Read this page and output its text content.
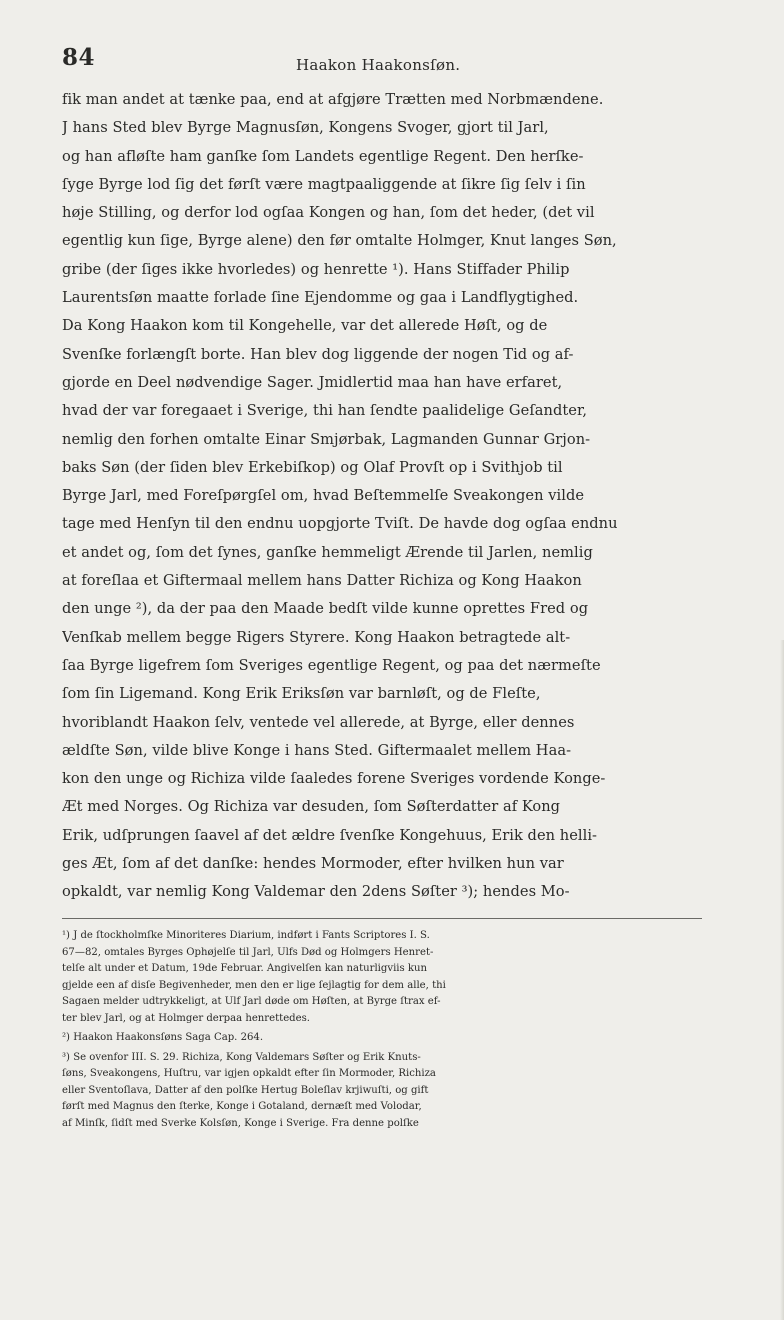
84	Haakon Haakonsſøn.
fik man andet at tænke paa, end at afgjøre Trætten med Norbmændene.
J hans Sted blev Byrge Magnusſøn, Kongens Svoger, gjort til Jarl,
og han afløſte ham ganſke ſom Landets egentlige Regent. Den herſke-
ſyge Byrge lod ſig det førſt være magtpaaliggende at ſikre ſig ſelv i ſin
høje Stilling, og derfor lod ogſaa Kongen og han, ſom det heder, (det vil
egentlig kun ſige, Byrge alene) den før omtalte Holmger, Knut langes Søn,
gribe (der ſiges ikke hvorledes) og henrette ¹). Hans Stiffader Philip
Laurentsſøn maatte forlade ſine Ejendomme og gaa i Landflygtighed.
Da Kong Haakon kom til Kongehelle, var det allerede Høſt, og de
Svenſke forlængſt borte. Han blev dog liggende der nogen Tid og af-
gjorde en Deel nødvendige Sager. Jmidlertid maa han have erfaret,
hvad der var foregaaet i Sverige, thi han ſendte paalidelige Geſandter,
nemlig den forhen omtalte Einar Smjørbak, Lagmanden Gunnar Grjon-
baks Søn (der ſiden blev Erkebiſkop) og Olaf Provſt op i Svithjob til
Byrge Jarl, med Foreſpørgſel om, hvad Beſtemmelſe Sveakongen vilde
tage med Henſyn til den endnu uopgjorte Tviſt. De havde dog ogſaa endnu
et andet og, ſom det ſynes, ganſke hemmeligt Ærende til Jarlen, nemlig
at foreſlaa et Giftermaal mellem hans Datter Richiza og Kong Haakon
den unge ²), da der paa den Maade bedſt vilde kunne oprettes Fred og
Venſkab mellem begge Rigers Styrere. Kong Haakon betragtede alt-
ſaa Byrge ligefrem ſom Sveriges egentlige Regent, og paa det nærmeſte
ſom ſin Ligemand. Kong Erik Eriksſøn var barnløſt, og de Fleſte,
hvoriblandt Haakon ſelv, ventede vel allerede, at Byrge, eller dennes
ældſte Søn, vilde blive Konge i hans Sted. Giftermaalet mellem Haa-
kon den unge og Richiza vilde ſaaledes forene Sveriges vordende Konge-
Æt med Norges. Og Richiza var desuden, ſom Søſterdatter af Kong
Erik, udſprungen ſaavel af det ældre ſvenſke Kongehuus, Erik den helli-
ges Æt, ſom af det danſke: hendes Mormoder, efter hvilken hun var
opkaldt, var nemlig Kong Valdemar den 2dens Søſter ³); hendes Mo-
¹) J de ſtockholmſke Minoriteres Diarium, indført i Fants Scriptores I. S.
67—82, omtales Byrges Ophøjelſe til Jarl, Ulfs Død og Holmgers Henret-
telſe alt under et Datum, 19de Februar. Angivelſen kan naturligviis kun
gjelde een af disſe Begivenheder, men den er lige ſejlagtig for dem alle, thi
Sagaen melder udtrykkeligt, at Ulf Jarl døde om Høſten, at Byrge ſtrax ef-
ter blev Jarl, og at Holmger derpaa henrettedes.
²) Haakon Haakonsſøns Saga Cap. 264.
³) Se ovenfor III. S. 29. Richiza, Kong Valdemars Søſter og Erik Knuts-
ſøns, Sveakongens, Huſtru, var igjen opkaldt efter ſin Mormoder, Richiza
eller Sventoſlava, Datter af den polſke Hertug Boleſlav krjiwuſti, og gift
førſt med Magnus den ſterke, Konge i Gotaland, dernæſt med Volodar,
af Minſk, ſidſt med Sverke Kolsſøn, Konge i Sverige. Fra denne polſke
